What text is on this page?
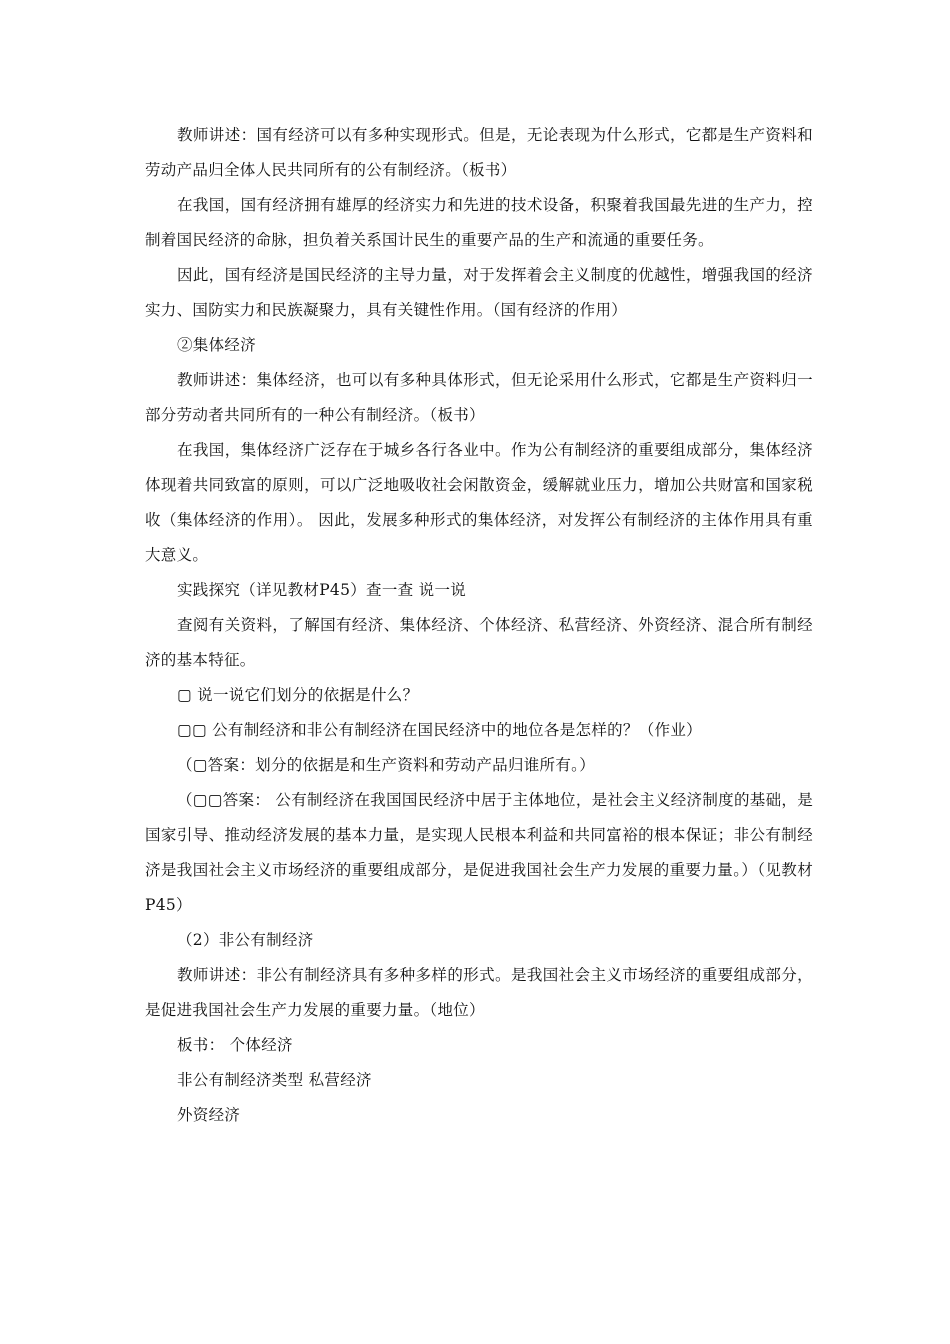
教师讲述：国有经济可以有多种实现形式。但是，无论表现为什么形式，它都是生产资料和劳动产品归全体人民共同所有的公有制经济。（板书）

在我国，国有经济拥有雄厚的经济实力和先进的技术设备，积聚着我国最先进的生产力，控制着国民经济的命脉，担负着关系国计民生的重要产品的生产和流通的重要任务。

因此，国有经济是国民经济的主导力量，对于发挥着会主义制度的优越性，增强我国的经济实力、国防实力和民族凝聚力，具有关键性作用。（国有经济的作用）

②集体经济

教师讲述：集体经济，也可以有多种具体形式，但无论采用什么形式，它都是生产资料归一部分劳动者共同所有的一种公有制经济。（板书）

在我国，集体经济广泛存在于城乡各行各业中。作为公有制经济的重要组成部分，集体经济体现着共同致富的原则，可以广泛地吸收社会闲散资金，缓解就业压力，增加公共财富和国家税收（集体经济的作用）。 因此，发展多种形式的集体经济，对发挥公有制经济的主体作用具有重大意义。

实践探究（详见教材P45）查一查 说一说

查阅有关资料，了解国有经济、集体经济、个体经济、私营经济、外资经济、混合所有制经济的基本特征。

▢ 说一说它们划分的依据是什么？

▢▢ 公有制经济和非公有制经济在国民经济中的地位各是怎样的？（作业）

（▢答案：划分的依据是和生产资料和劳动产品归谁所有。）

（▢▢答案： 公有制经济在我国国民经济中居于主体地位，是社会主义经济制度的基础，是国家引导、推动经济发展的基本力量，是实现人民根本利益和共同富裕的根本保证；非公有制经济是我国社会主义市场经济的重要组成部分，是促进我国社会生产力发展的重要力量。）（见教材P45）

（2）非公有制经济

教师讲述：非公有制经济具有多种多样的形式。是我国社会主义市场经济的重要组成部分，是促进我国社会生产力发展的重要力量。（地位）

板书： 个体经济

非公有制经济类型 私营经济

外资经济
